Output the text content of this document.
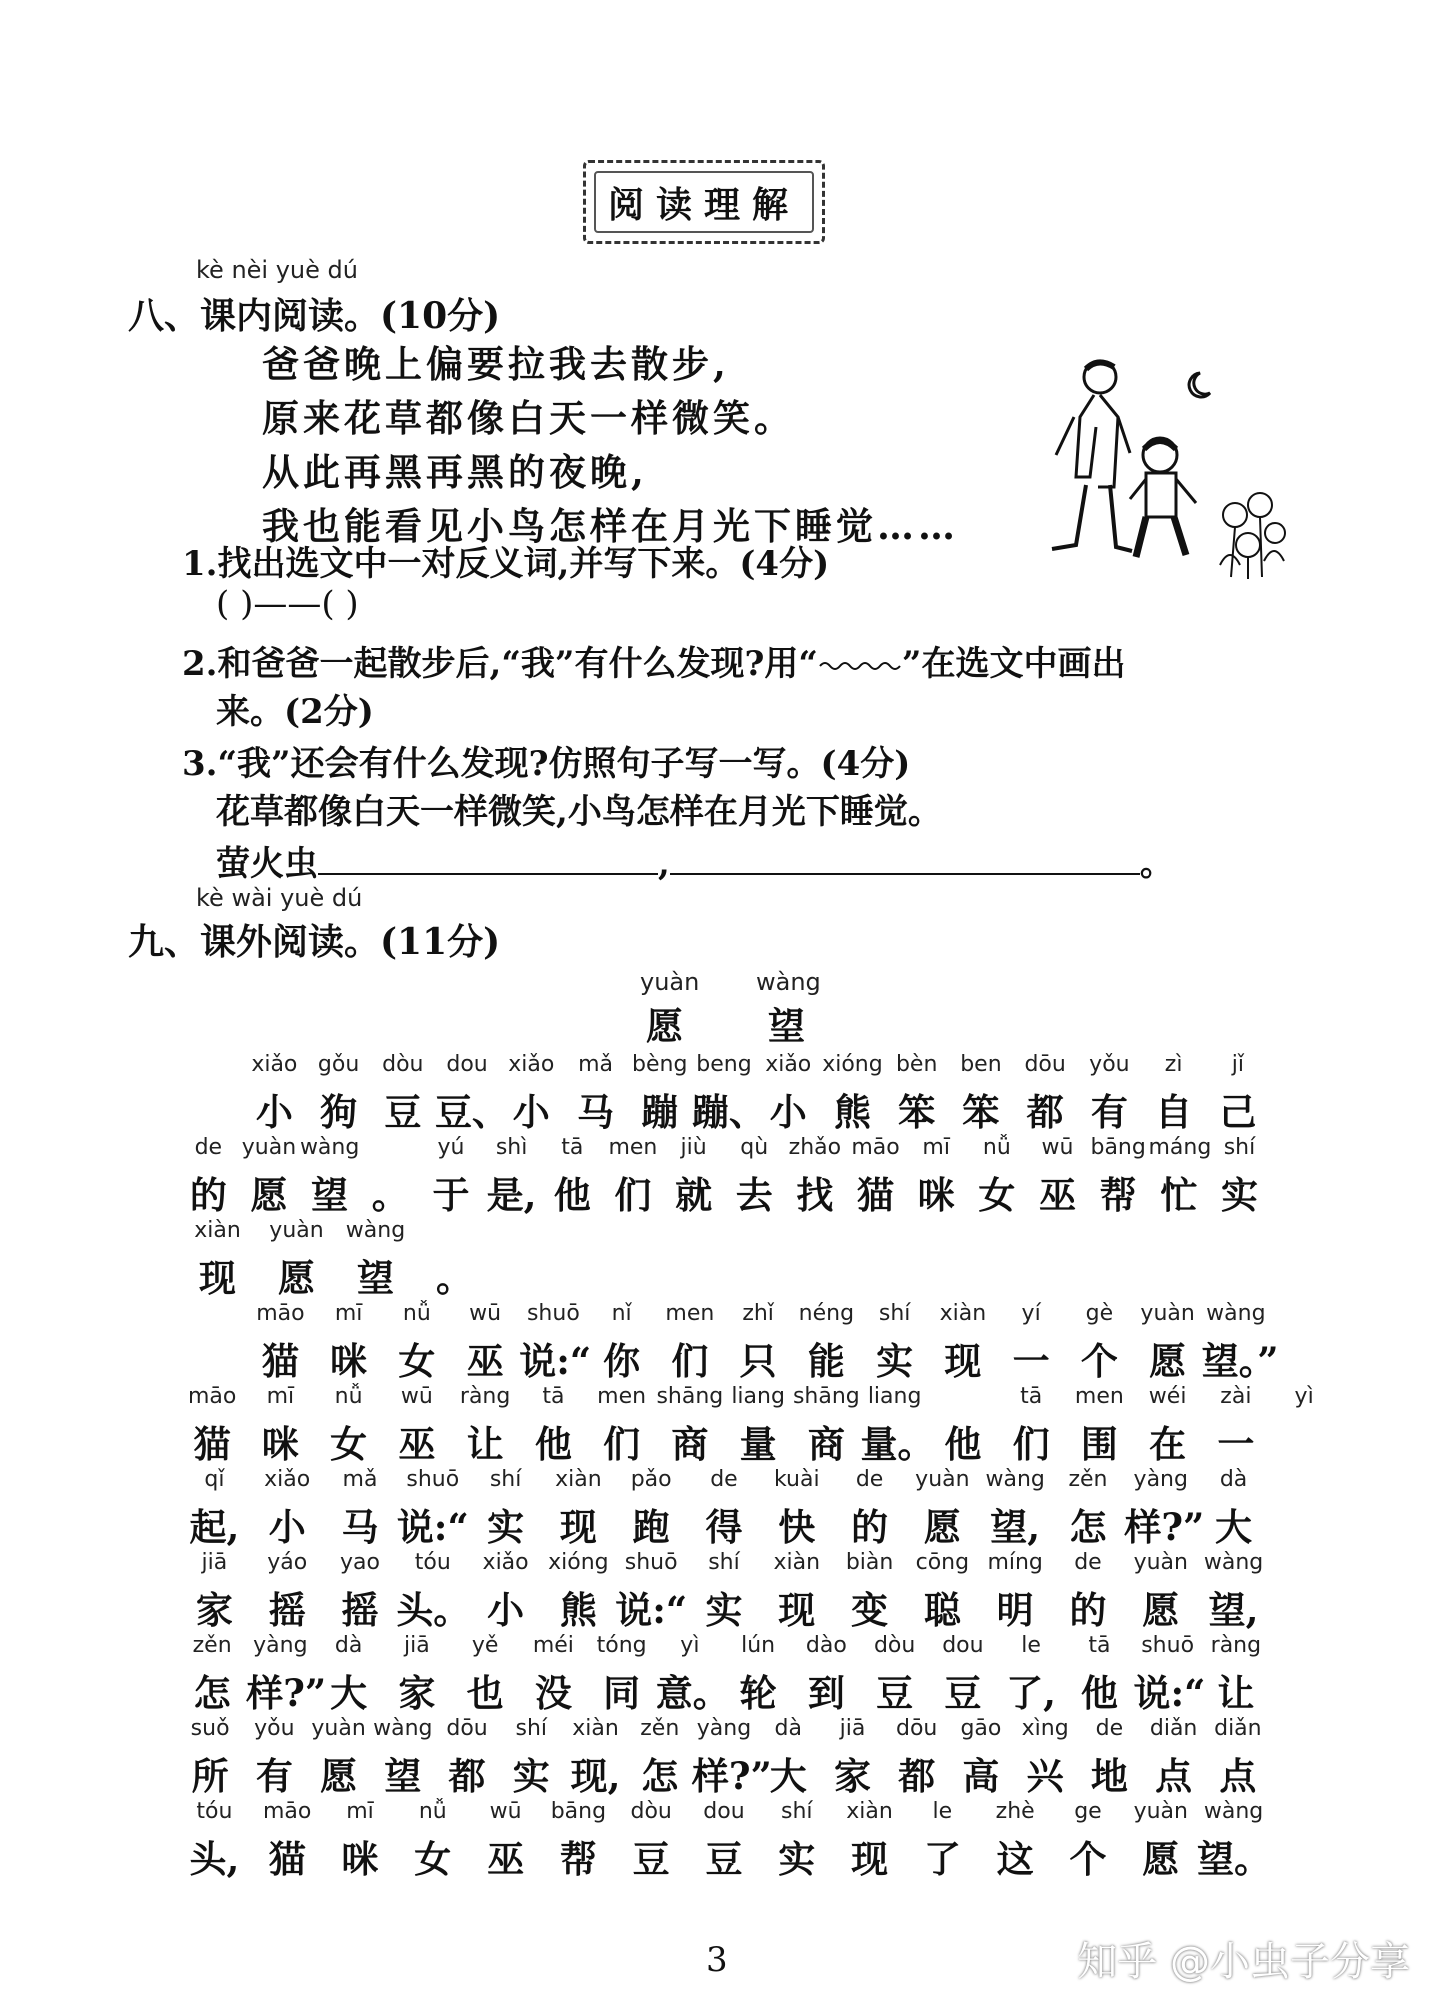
阅读理解
kè nèi yuè dú
八、课内阅读。(10分)
爸爸晚上偏要拉我去散步,
原来花草都像白天一样微笑。
从此再黑再黑的夜晚,
我也能看见小鸟怎样在月光下睡觉……
1.找出选文中一对反义词,并写下来。(4分)
( )——( )
2.和爸爸一起散步后,“我”有什么发现?用“ ”在选文中画出
来。(2分)
3.“我”还会有什么发现?仿照句子写一写。(4分)
花草都像白天一样微笑,小鸟怎样在月光下睡觉。
萤火虫	,	。
kè wài yuè dú
九、课外阅读。(11分)
yuàn wàng
愿 望
xiǎo gǒu	dòu	dou xiǎo	mǎ bèng beng xiǎo xióng bèn	ben	dōu	yǒu	zì	jǐ
小 狗 豆 豆、 小 马 蹦 蹦、 小 熊 笨 笨 都 有 自 己
de yuàn wàng	yú	shì	tā	men	jiù	qù zhǎo māo	mī	nǚ	wū bāng máng shí
的 愿 望 。 于 是, 他 们 就 去 找 猫 咪 女 巫 帮 忙 实
xiàn	yuàn	wàng
现	愿	望	。
māo	mī	nǚ	wū	shuō	nǐ	men	zhǐ	néng	shí	xiàn	yí	gè	yuàn wàng
猫 咪 女 巫 说:“ 你 们 只 能 实 现 一 个 愿 望。”
māo	mī	nǚ	wū	ràng	tā	men shāng liang shāng liang	tā	men	wéi	zài	yì
猫 咪 女 巫 让 他 们 商 量 商 量。 他 们 围 在 一
qǐ	xiǎo	mǎ	shuō	shí	xiàn	pǎo	de	kuài	de	yuàn wàng	zěn	yàng	dà
起, 小 马 说:“ 实 现 跑 得 快 的 愿 望, 怎 样?” 大
jiā	yáo	yao	tóu	xiǎo xióng shuō	shí	xiàn	biàn	cōng míng	de	yuàn wàng
家 摇 摇 头。 小 熊 说:“ 实 现 变 聪 明 的 愿 望,
zěn yàng	dà	jiā	yě	méi	tóng	yì	lún	dào	dòu	dou	le	tā	shuō ràng
怎 样?” 大 家 也 没 同 意。 轮 到 豆 豆 了, 他 说:“ 让
suǒ	yǒu yuàn wàng dōu	shí	xiàn zěn yàng	dà	jiā	dōu	gāo xìng	de	diǎn diǎn
所 有 愿 望 都 实 现, 怎 样?”
大 家 都 高 兴 地 点 点
tóu	māo	mī	nǚ	wū	bāng	dòu	dou	shí	xiàn	le	zhè	ge	yuàn wàng
头, 猫 咪 女 巫 帮 豆 豆 实 现 了 这 个 愿 望。
3	知乎 @小虫子分享
